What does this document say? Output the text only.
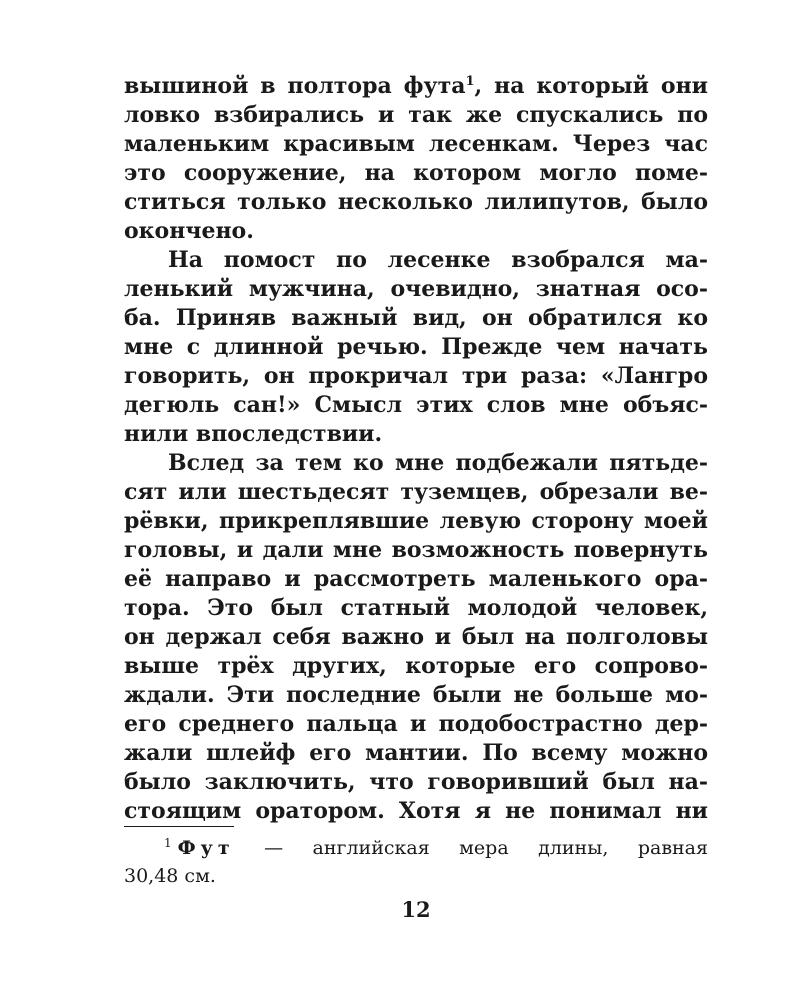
вышиной в полтора фута$^1$, на который они
ловко взбирались и так же спускались по
маленьким красивым лесенкам. Через час
это сооружение, на котором могло поме-
ститься только несколько лилипутов, было
окончено.
На помост по лесенке взобрался ма-
ленький мужчина, очевидно, знатная осо-
ба. Приняв важный вид, он обратился ко
мне с длинной речью. Прежде чем начать
говорить, он прокричал три раза: «Лангро
дегюль сан!» Смысл этих слов мне объяс-
нили впоследствии.
Вслед за тем ко мне подбежали пятьде-
сят или шестьдесят туземцев, обрезали ве-
рёвки, прикреплявшие левую сторону моей
головы, и дали мне возможность повернуть
её направо и рассмотреть маленького ора-
тора. Это был статный молодой человек,
он держал себя важно и был на полголовы
выше трёх других, которые его сопрово-
ждали. Эти последние были не больше мо-
его среднего пальца и подобострастно дер-
жали шлейф его мантии. По всему можно
было заключить, что говоривший был на-
стоящим оратором. Хотя я не понимал ни
$^1$ Фут — английская мера длины, равная
30,48 см.
12
